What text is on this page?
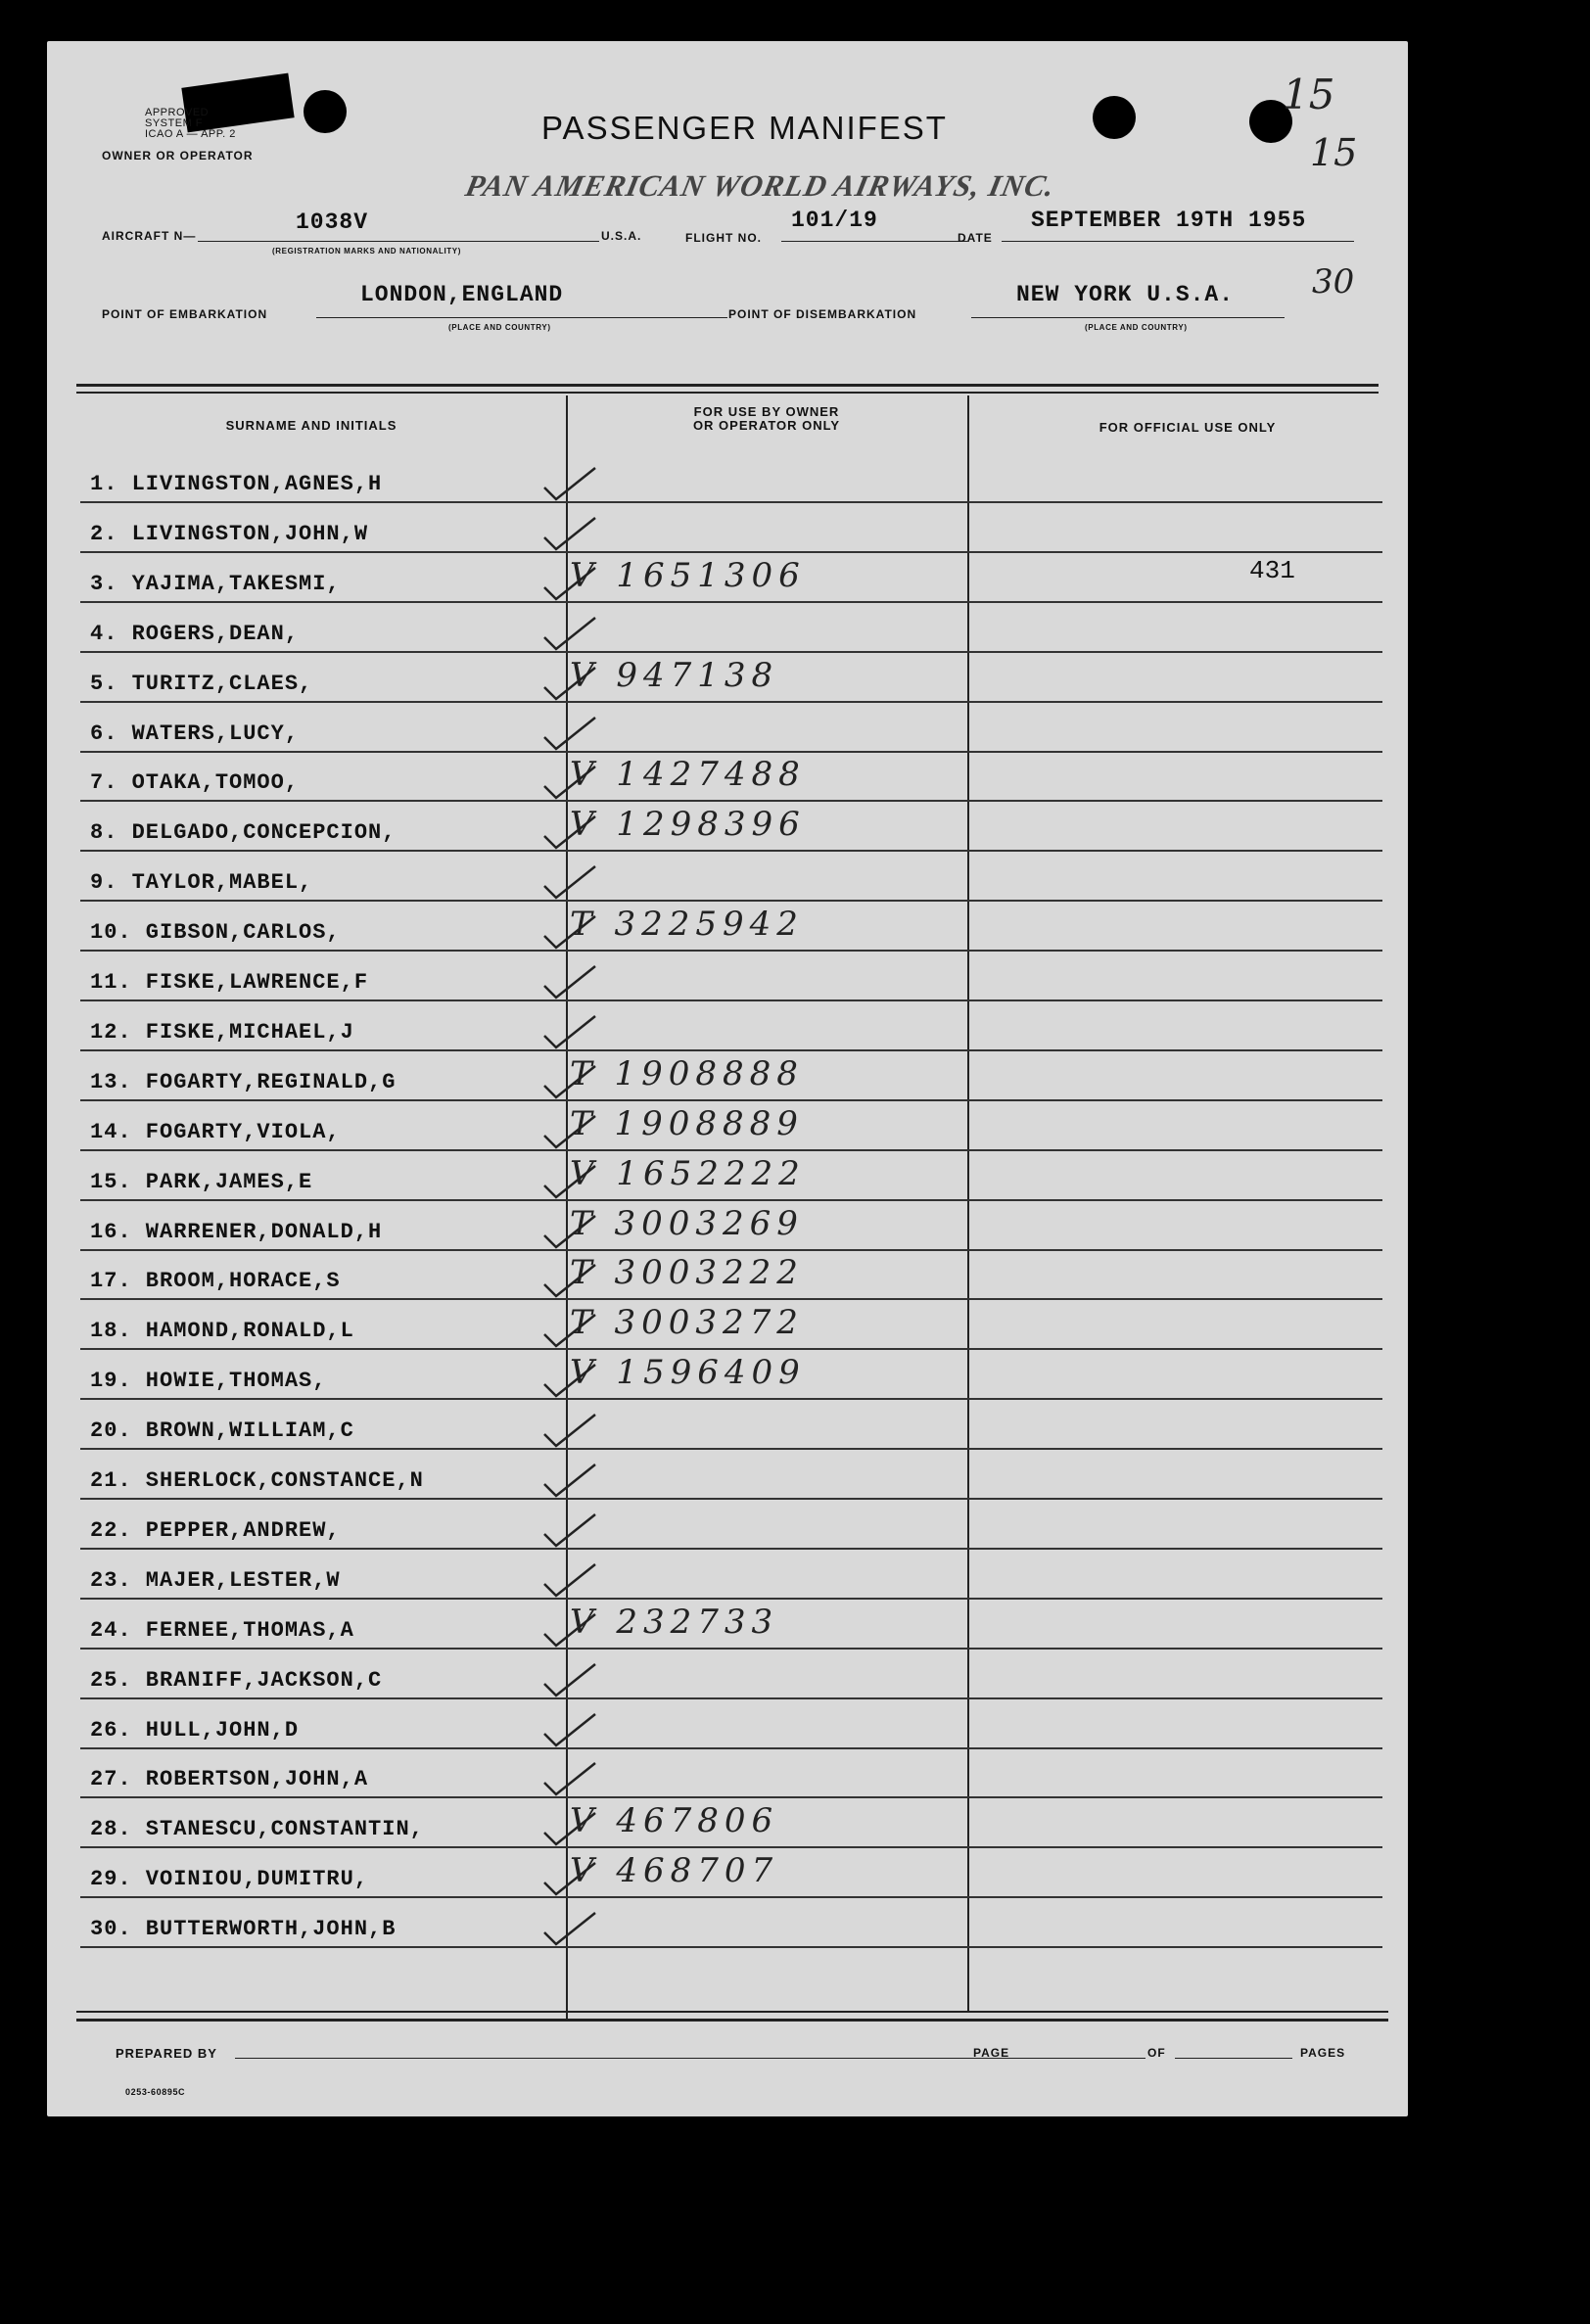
APPROVED
SYSTEM F
ICAO A — APP. 2	PASSENGER MANIFEST
OWNER OR OPERATOR
PAN AMERICAN WORLD AIRWAYS, INC.
15
15
30
AIRCRAFT N—
1038V
(REGISTRATION MARKS AND NATIONALITY)
U.S.A.	FLIGHT NO.
101/19
DATE
SEPTEMBER 19TH 1955
POINT OF EMBARKATION
LONDON,ENGLAND
(PLACE AND COUNTRY)
POINT OF DISEMBARKATION
NEW YORK U.S.A.
(PLACE AND COUNTRY)
SURNAME AND INITIALS
FOR USE BY OWNER
OR OPERATOR ONLY	FOR OFFICIAL USE ONLY
PREPARED BY	PAGE	OF	PAGES
0253-60895C
1. LIVINGSTON,AGNES,H
2. LIVINGSTON,JOHN,W
3. YAJIMA,TAKESMI,	V 1651306	431
4. ROGERS,DEAN,
5. TURITZ,CLAES,	V 947138
6. WATERS,LUCY,
7. OTAKA,TOMOO,	V 1427488
8. DELGADO,CONCEPCION,	V 1298396
9. TAYLOR,MABEL,
10. GIBSON,CARLOS,	T 3225942
11. FISKE,LAWRENCE,F
12. FISKE,MICHAEL,J
13. FOGARTY,REGINALD,G	T 1908888
14. FOGARTY,VIOLA,	T 1908889
15. PARK,JAMES,E	V 1652222
16. WARRENER,DONALD,H	T 3003269
17. BROOM,HORACE,S	T 3003222
18. HAMOND,RONALD,L	T 3003272
19. HOWIE,THOMAS,	V 1596409
20. BROWN,WILLIAM,C
21. SHERLOCK,CONSTANCE,N
22. PEPPER,ANDREW,
23. MAJER,LESTER,W
24. FERNEE,THOMAS,A	V 232733
25. BRANIFF,JACKSON,C
26. HULL,JOHN,D
27. ROBERTSON,JOHN,A
28. STANESCU,CONSTANTIN,	V 467806
29. VOINIOU,DUMITRU,	V 468707
30. BUTTERWORTH,JOHN,B
